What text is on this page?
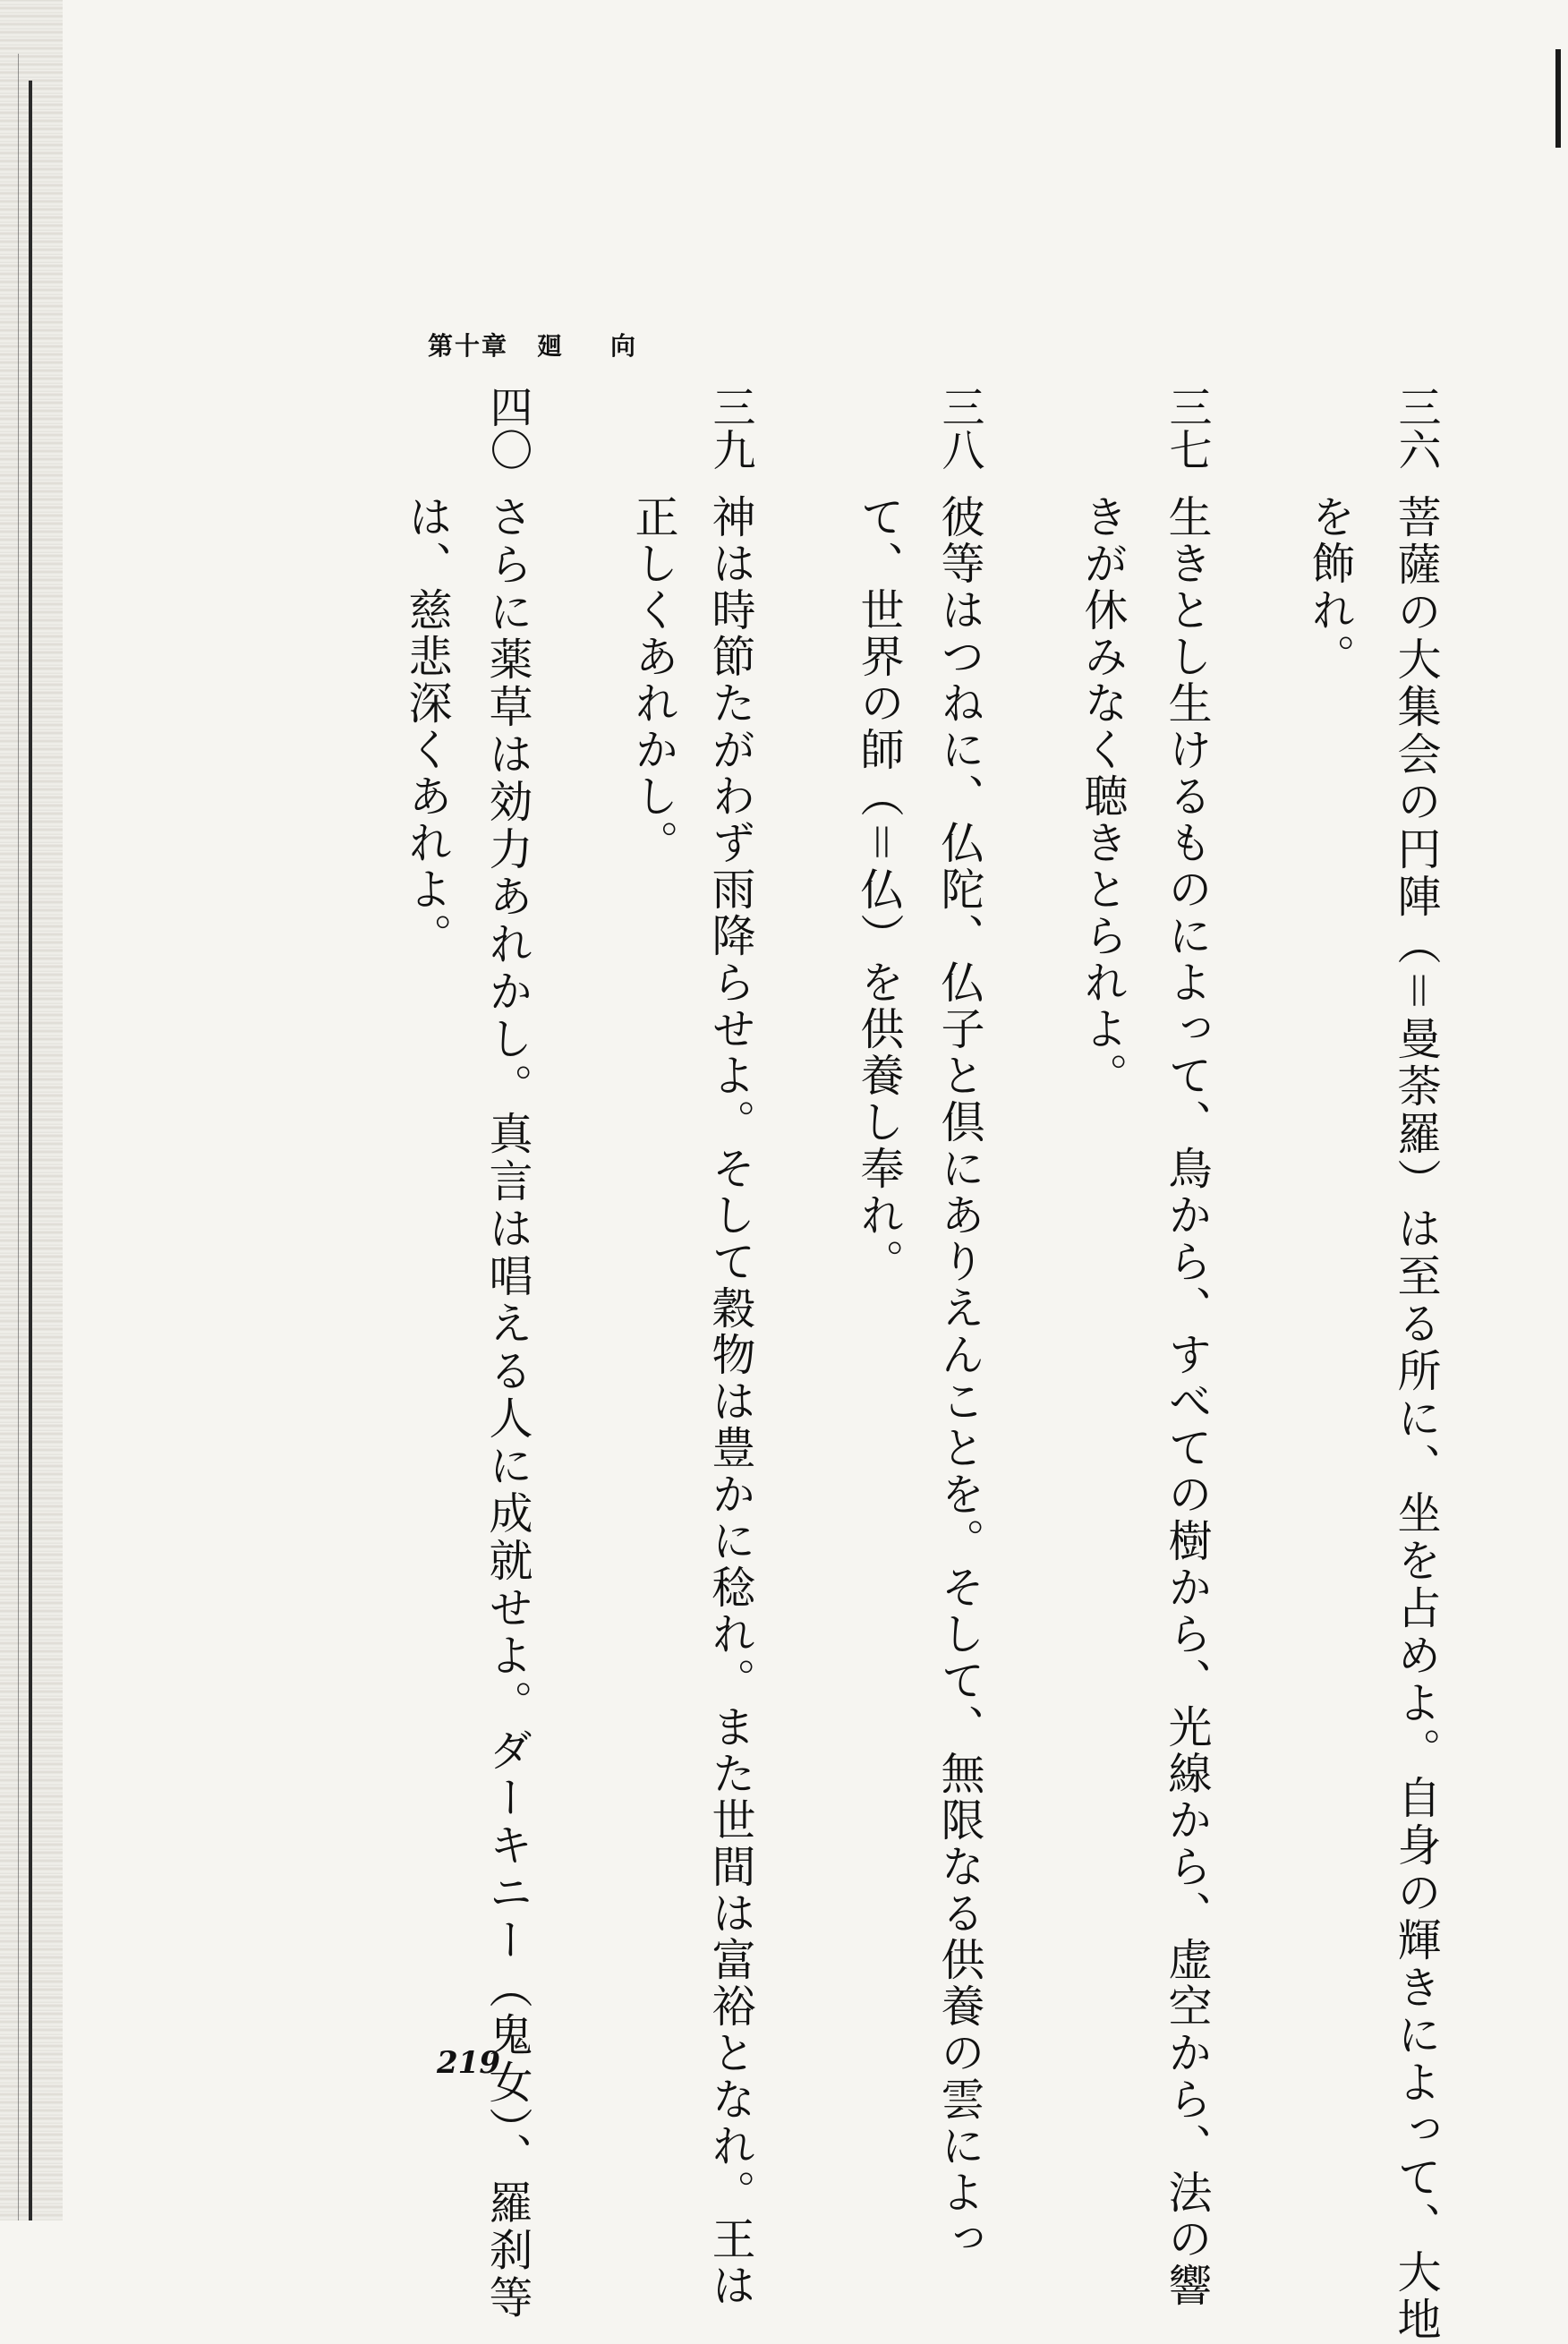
第十章 廻 向
三六
菩薩の大集会の円陣（＝曼荼羅）は至る所に、坐を占めよ。自身の輝きによって、大地
を飾れ。
三七
生きとし生けるものによって、鳥から、すべての樹から、光線から、虚空から、法の響
きが休みなく聴きとられよ。
三八
彼等はつねに、仏陀、仏子と倶にありえんことを。そして、無限なる供養の雲によっ
て、世界の師（＝仏）を供養し奉れ。
三九
神は時節たがわず雨降らせよ。そして穀物は豊かに稔れ。また世間は富裕となれ。王は
正しくあれかし。
四〇
さらに薬草は効力あれかし。真言は唱える人に成就せよ。ダーキニー（鬼女）、羅刹等
は、慈悲深くあれよ。
219
